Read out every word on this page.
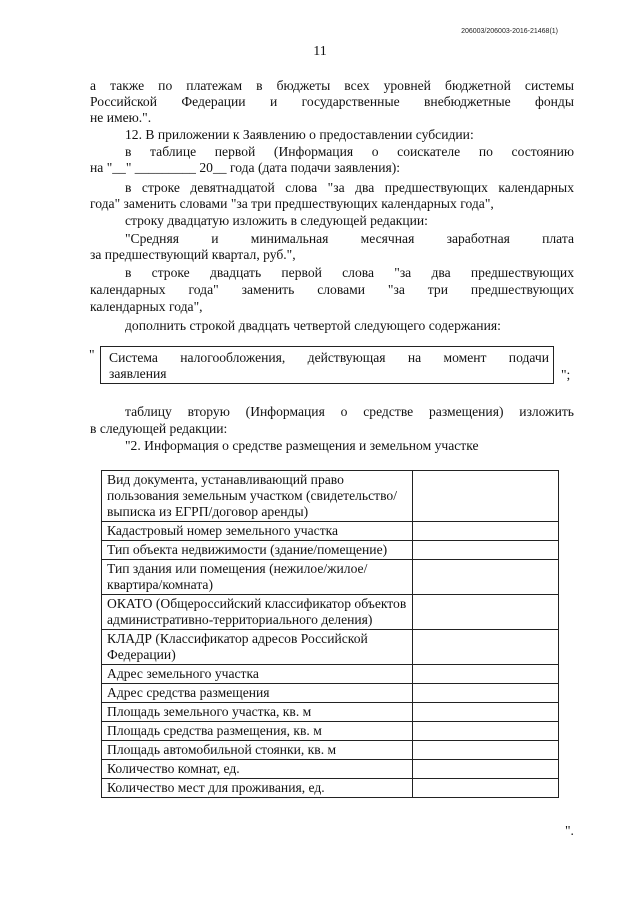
206003/206003-2016-21468(1)
11
а также по платежам в бюджеты всех уровней бюджетной системы
Российской Федерации и государственные внебюджетные фонды
не имею.".
12. В приложении к Заявлению о предоставлении субсидии:
в таблице первой (Информация о соискателе по состоянию
на "__" _________ 20__ года (дата подачи заявления):
в строке девятнадцатой слова "за два предшествующих календарных
года" заменить словами "за три предшествующих календарных года",
строку двадцатую изложить в следующей редакции:
"Средняя и минимальная месячная заработная плата
за предшествующий квартал, руб.",
в строке двадцать первой слова "за два предшествующих
календарных года" заменить словами "за три предшествующих
календарных года",
дополнить строкой двадцать четвертой следующего содержания:
" Система налогообложения, действующая на момент подачи
заявления	";
таблицу вторую (Информация о средстве размещения) изложить
в следующей редакции:
"2. Информация о средстве размещения и земельном участке
Вид документа, устанавливающий право пользования земельным участком (свидетельство/выписка из ЕГРП/договор аренды)	
Кадастровый номер земельного участка	
Тип объекта недвижимости (здание/помещение)	
Тип здания или помещения (нежилое/жилое/квартира/комната)	
ОКАТО (Общероссийский классификатор объектов административно-территориального деления)	
КЛАДР (Классификатор адресов Российской Федерации)	
Адрес земельного участка	
Адрес средства размещения	
Площадь земельного участка, кв. м	
Площадь средства размещения, кв. м	
Площадь автомобильной стоянки, кв. м	
Количество комнат, ед.	
Количество мест для проживания, ед.	
".
